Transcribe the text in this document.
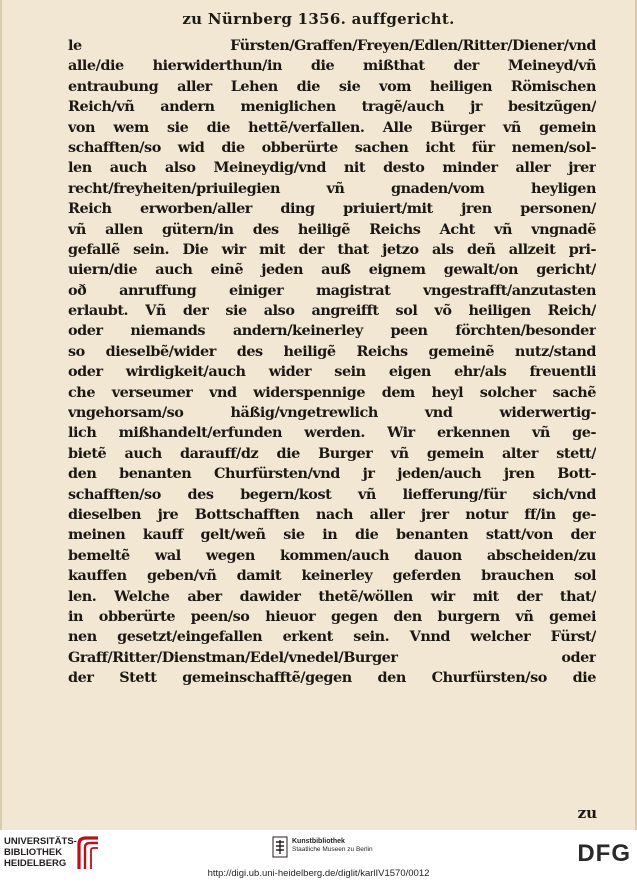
zu Nürnberg 1356. auffgericht.
le Fürsten/Graffen/Freyen/Edlen/Ritter/Diener/vnd
alle/die hierwiderthun/in die mißthat der Meineyd/vñ
entraubung aller Lehen die sie vom heiligen Römischen
Reich/vñ andern meniglichen tragẽ/auch jr besitzũgen/
von wem sie die hettẽ/verfallen. Alle Bürger vñ gemein
schafften/so wid die obberürte sachen icht für nemen/sol-
len auch also Meineydig/vnd nit desto minder aller jrer
recht/freyheiten/priuilegien vñ gnaden/vom heyligen
Reich erworben/aller ding priuiert/mit jren personen/
vñ allen gütern/in des heiligẽ Reichs Acht vñ vngnadẽ
gefallẽ sein. Die wir mit der that jetzo als deñ allzeit pri-
uiern/die auch einẽ jeden auß eignem gewalt/on gericht/
oð anruffung einiger magistrat vngestrafft/anzutasten
erlaubt. Vñ der sie also angreifft sol võ heiligen Reich/
oder niemands andern/keinerley peen förchten/besonder
so dieselbẽ/wider des heiligẽ Reichs gemeinẽ nutz/stand
oder wirdigkeit/auch wider sein eigen ehr/als freuentli
che verseumer vnd widerspennige dem heyl solcher sachẽ
vngehorsam/so häßig/vngetrewlich vnd widerwertig-
lich mißhandelt/erfunden werden. Wir erkennen vñ ge-
bietẽ auch darauff/dz die Burger vñ gemein alter stett/
den benanten Churfürsten/vnd jr jeden/auch jren Bott-
schafften/so des begern/kost vñ liefferung/für sich/vnd
dieselben jre Bottschafften nach aller jrer notur ff/in ge-
meinen kauff gelt/weñ sie in die benanten statt/von der
bemeltẽ wal wegen kommen/auch dauon abscheiden/zu
kauffen geben/vñ damit keinerley geferden brauchen sol
len. Welche aber dawider thetẽ/wöllen wir mit der that/
in obberürte peen/so hieuor gegen den burgern vñ gemei
nen gesetzt/eingefallen erkent sein. Vnnd welcher Fürst/
Graff/Ritter/Dienstman/Edel/vnedel/Burger oder
der Stett gemeinschafftẽ/gegen den Churfürsten/so die
zu
UNIVERSITÄTS-
BIBLIOTHEK
HEIDELBERG
Kunstbibliothek
Staatliche Museen zu Berlin	DFG
http://digi.ub.uni-heidelberg.de/diglit/karlIV1570/0012
